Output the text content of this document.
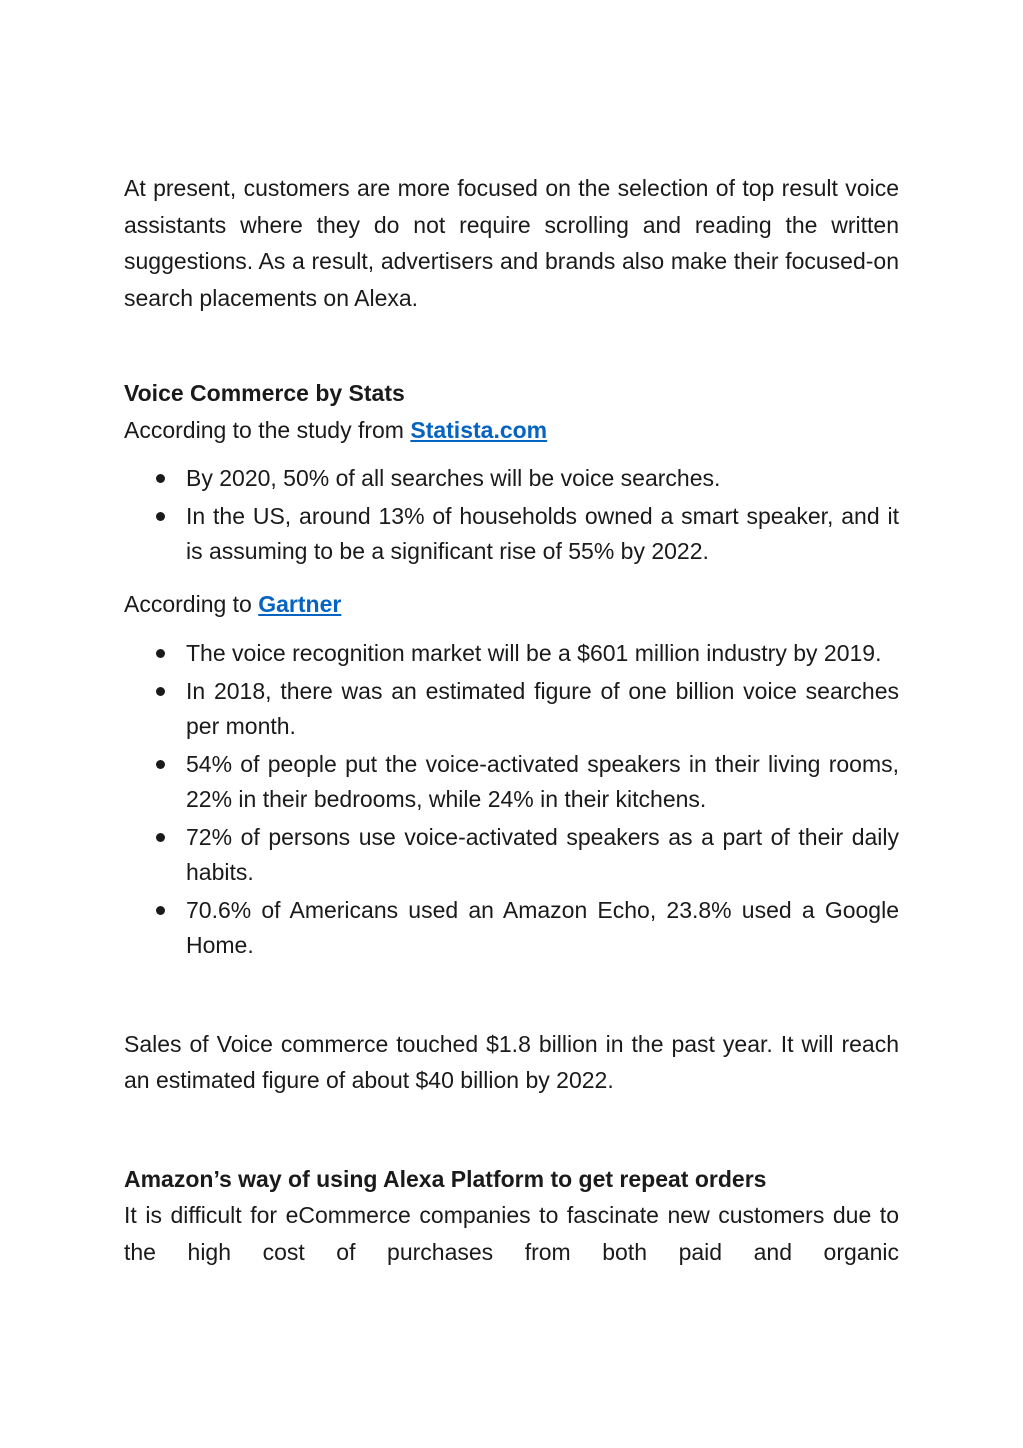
At present, customers are more focused on the selection of top result voice assistants where they do not require scrolling and reading the written suggestions. As a result, advertisers and brands also make their focused-on search placements on Alexa.

Voice Commerce by Stats
According to the study from Statista.com
By 2020, 50% of all searches will be voice searches.
In the US, around 13% of households owned a smart speaker, and it is assuming to be a significant rise of 55% by 2022.
According to Gartner
The voice recognition market will be a $601 million industry by 2019.
In 2018, there was an estimated figure of one billion voice searches per month.
54% of people put the voice-activated speakers in their living rooms, 22% in their bedrooms, while 24% in their kitchens.
72% of persons use voice-activated speakers as a part of their daily habits.
70.6% of Americans used an Amazon Echo, 23.8% used a Google Home.

Sales of Voice commerce touched $1.8 billion in the past year. It will reach an estimated figure of about $40 billion by 2022.

Amazon’s way of using Alexa Platform to get repeat orders

It is difficult for eCommerce companies to fascinate new customers due to the high cost of purchases from both paid and organic
